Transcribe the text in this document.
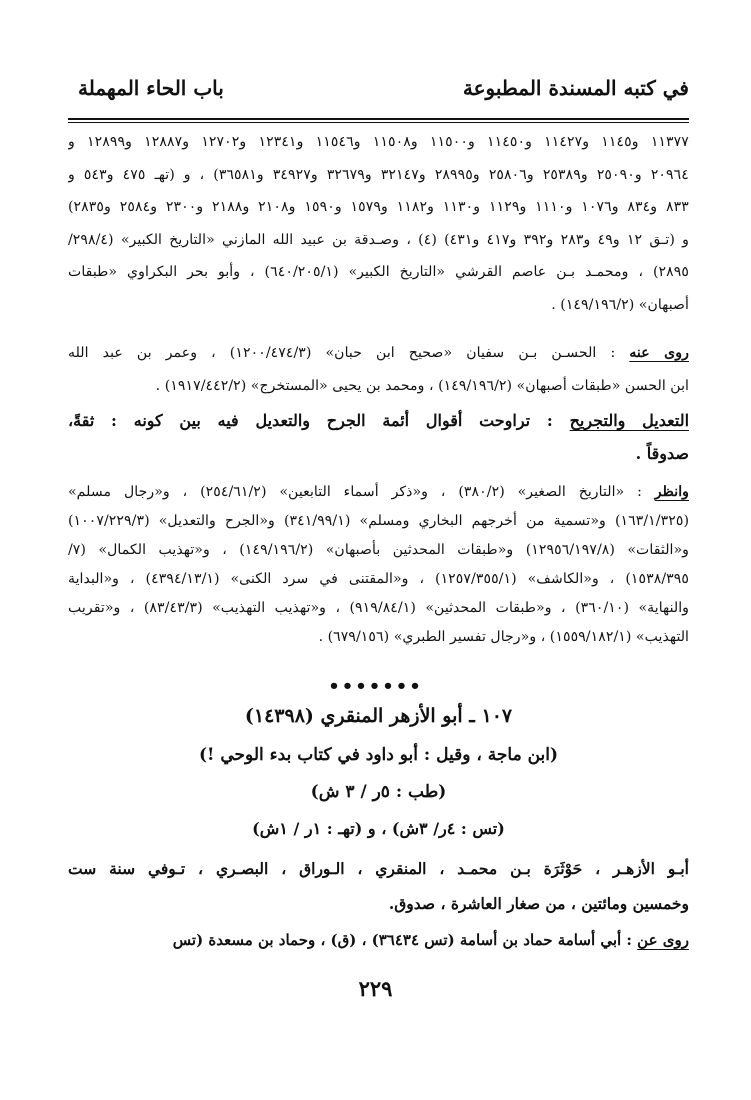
في كتبه المسندة المطبوعة
باب الحاء المهملة
۱۱۳۷۷ و۱۱٤٥ و۱۱٤۲۷ و۱۱٤٥۰ و۱۱٥۰۰ و۱۱٥۰۸ و۱۱٥٤٦ و۱۲۳٤۱ و۱۲۷۰۲ و۱۲۸۸۷ و۱۲۸۹۹ و
۲۰۹٦٤ و۲٥۰۹۰ و۲٥۳۸۹ و۲٥۸۰٦ و۲۸۹۹٥ و۳۲۱٤۷ و۳۲٦۷۹ و۳٤۹۲۷ و۳٦٥۸۱) ، و (تهـ ٤٧٥ و٥٤۳ و
۸۳۳ و۸۳٤ و۱۰۷٦ و۱۱۱۰ و۱۱۲۹ و۱۱۳۰ و۱۱۸۲ و۱٥۷۹ و۱٥۹۰ و۲۱۰۸ و۲۱۸۸ و۲۳۰۰ و۲٥۸٤ و۲۸۳٥)
و (تـق ۱۲ و٤۹ و۲۸۳ و۳۹۲ و٤۱۷ و٤۳۱) (٤) ، وصـدقة بن عبيد الله المازني «التاريخ الكبير» (۲۹۸/٤/
۲۸۹٥) ، ومحمـد بـن عاصم القرشي «التاريخ الكبير» (٦٤۰/۲۰٥/۱) ، وأبو بحر البكراوي «طبقات
أصبهان» (۱٤۹/۱۹٦/۲) .
روى عنه : الحسـن بـن سفيان «صحيح ابن حبان» (۱۲۰۰/٤٧٤/۳) ، وعمر بن عبد الله
ابن الحسن «طبقات أصبهان» (۱٤۹/۱۹٦/۲) ، ومحمد بن يحيى «المستخرج» (۱۹۱۷/٤٤۲/۲) .
التعديل والتجريح : تراوحت أقوال أئمة الجرح والتعديل فيه بين كونه : ثقةً،
صدوقاً .
وانظر : «التاريخ الصغير» (۳۸۰/۲) ، و«ذكر أسماء التابعين» (۲٥٤/٦۱/۲) ، و«رجال مسلم»
(۳۲٥/۱٦۳/۱) و«تسمية من أخرجهم البخاري ومسلم» (۳٤۱/۹۹/۱) و«الجرح والتعديل» (۱۰۰۷/۲۲۹/۳)
و«الثقات» (۱۲۹٥٦/۱۹۷/۸) و«طبقات المحدثين بأصبهان» (۱٤۹/۱۹٦/۲) ، و«تهذيب الكمال» (۷/
۱٥۳۸/۳۹٥) ، و«الكاشف» (۱۲٥۷/۳٥٥/۱) ، و«المقتنى في سرد الكنى» (٤۳۹٤/۱۳/۱) ، و«البداية
والنهاية» (۳٦۰/۱۰) ، و«طبقات المحدثين» (۹۱۹/۸٤/۱) ، و«تهذيب التهذيب» (۸۳/٤۳/۳) ، و«تقريب
التهذيب» (۱٥٥۹/۱۸۲/۱) ، و«رجال تفسير الطبري» (٦۷۹/۱٥٦) .
•••••••
۱۰۷ ـ أبو الأزهر المنقري (۱٤۳۹۸)
(ابن ماجة ، وقيل : أبو داود في كتاب بدء الوحي !)
(طب : ٥ر / ۳ ش)
(تس : ٤ر/ ۳ش) ، و (تهـ : ۱ر / ۱ش)
أبـو الأزهـر ، حَوْثَرَة بـن محمـد ، المنقري ، الـوراق ، البصـري ، تـوفي سنة ست
وخمسين ومائتين ، من صغار العاشرة ، صدوق.
روى عن : أبي أسامة حماد بن أسامة (تس ۳٦٤۳٤) ، (ق) ، وحماد بن مسعدة (تس
۲۲۹
